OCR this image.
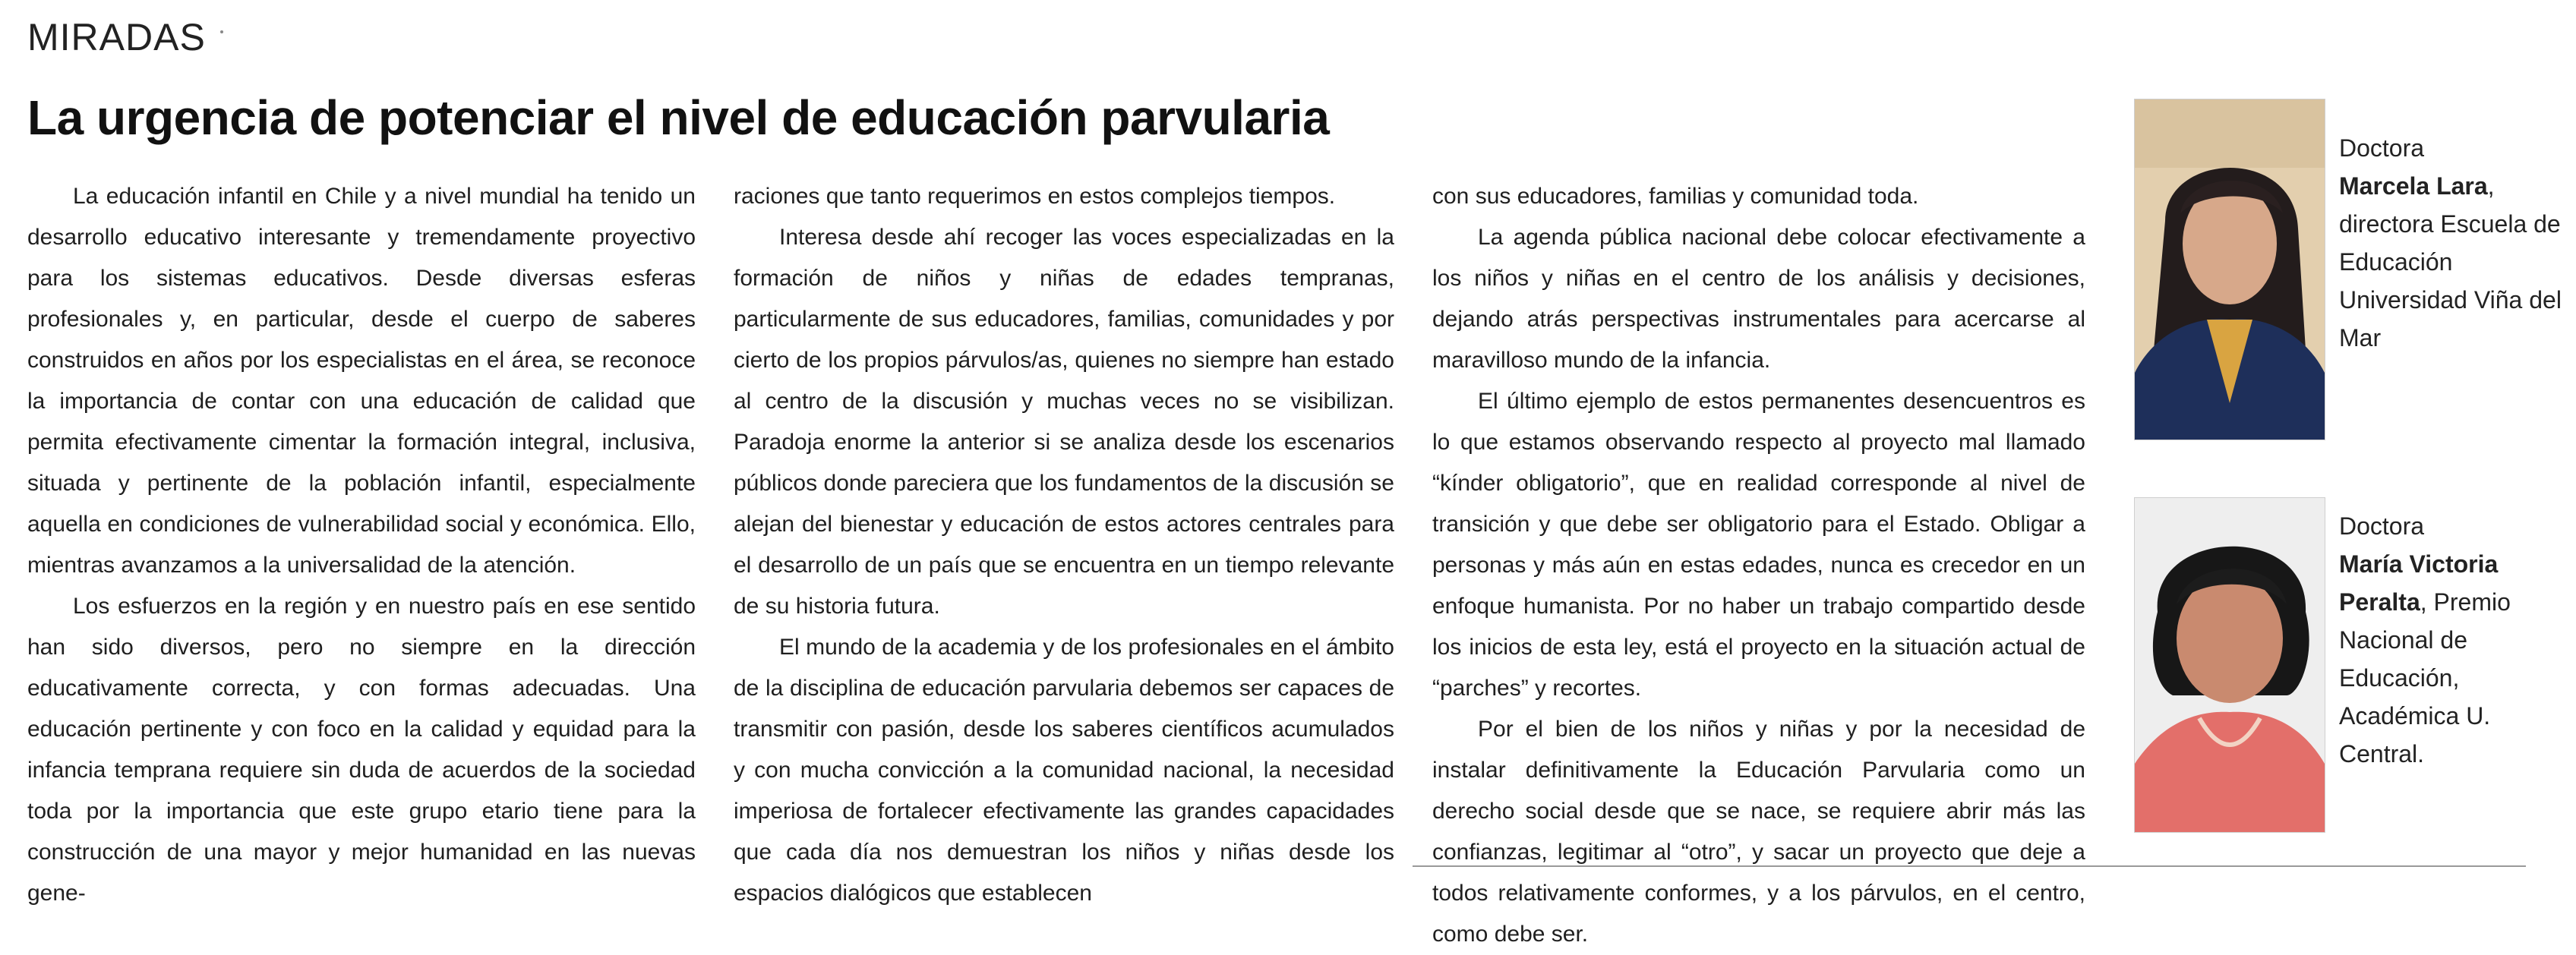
MIRADAS
La urgencia de potenciar el nivel de educación parvularia

La educación infantil en Chile y a nivel mundial ha tenido un desarrollo educativo interesante y tremendamente proyectivo para los sistemas educativos. Desde diversas esferas profesionales y, en particular, desde el cuerpo de saberes construidos en años por los especialistas en el área, se reconoce la importancia de contar con una educación de calidad que permita efectivamente cimentar la formación integral, inclusiva, situada y pertinente de la población infantil, especialmente aquella en condiciones de vulnerabilidad social y económica. Ello, mientras avanzamos a la universalidad de la atención.

Los esfuerzos en la región y en nuestro país en ese sentido han sido diversos, pero no siempre en la dirección educativamente correcta, y con formas adecuadas. Una educación pertinente y con foco en la calidad y equidad para la infancia temprana requiere sin duda de acuerdos de la sociedad toda por la importancia que este grupo etario tiene para la construcción de una mayor y mejor humanidad en las nuevas gene-

raciones que tanto requerimos en estos complejos tiempos.

Interesa desde ahí recoger las voces especializadas en la formación de niños y niñas de edades tempranas, particularmente de sus educadores, familias, comunidades y por cierto de los propios párvulos/as, quienes no siempre han estado al centro de la discusión y muchas veces no se visibilizan. Paradoja enorme la anterior si se analiza desde los escenarios públicos donde pareciera que los fundamentos de la discusión se alejan del bienestar y educación de estos actores centrales para el desarrollo de un país que se encuentra en un tiempo relevante de su historia futura.

El mundo de la academia y de los profesionales en el ámbito de la disciplina de educación parvularia debemos ser capaces de transmitir con pasión, desde los saberes científicos acumulados y con mucha convicción a la comunidad nacional, la necesidad imperiosa de fortalecer efectivamente las grandes capacidades que cada día nos demuestran los niños y niñas desde los espacios dialógicos que establecen

con sus educadores, familias y comunidad toda.

La agenda pública nacional debe colocar efectivamente a los niños y niñas en el centro de los análisis y decisiones, dejando atrás perspectivas instrumentales para acercarse al maravilloso mundo de la infancia.

El último ejemplo de estos permanentes desencuentros es lo que estamos observando respecto al proyecto mal llamado “kínder obligatorio”, que en realidad corresponde al nivel de transición y que debe ser obligatorio para el Estado. Obligar a personas y más aún en estas edades, nunca es crecedor en un enfoque humanista. Por no haber un trabajo compartido desde los inicios de esta ley, está el proyecto en la situación actual de “parches” y recortes.

Por el bien de los niños y niñas y por la necesidad de instalar definitivamente la Educación Parvularia como un derecho social desde que se nace, se requiere abrir más las confianzas, legitimar al “otro”, y sacar un proyecto que deje a todos relativamente conformes, y a los párvulos, en el centro, como debe ser.

Doctora
Marcela Lara, directora Escuela de Educación Universidad Viña del Mar
Doctora
María Victoria Peralta, Premio Nacional de Educación, Académica U. Central.
